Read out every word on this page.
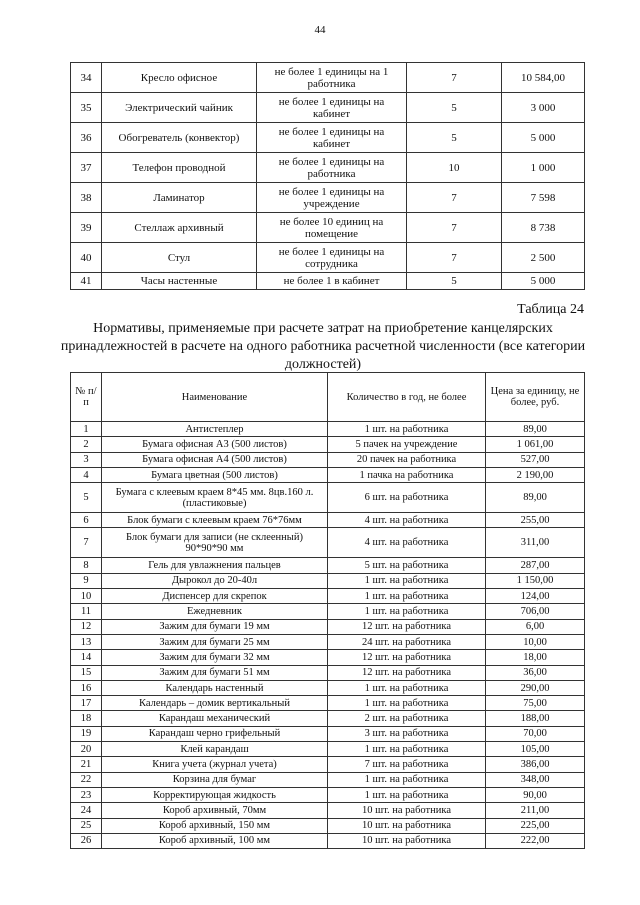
44
34	Кресло офисное	не более 1 единицы на 1 работника	7	10 584,00
35	Электрический чайник	не более 1 единицы на кабинет	5	3 000
36	Обогреватель (конвектор)	не более 1 единицы на кабинет	5	5 000
37	Телефон проводной	не более 1 единицы на работника	10	1 000
38	Ламинатор	не более 1 единицы на учреждение	7	7 598
39	Стеллаж архивный	не более 10 единиц на помещение	7	8 738
40	Стул	не более 1 единицы на сотрудника	7	2 500
41	Часы настенные	не более 1 в кабинет	5	5 000
Таблица 24
Нормативы, применяемые при расчете затрат на приобретение канцелярских принадлежностей в расчете на одного работника расчетной численности (все категории должностей)
№ п/п	Наименование	Количество в год, не более	Цена за единицу, не более, руб.
1	Антистеплер	1 шт. на работника	89,00
2	Бумага офисная А3 (500 листов)	5 пачек на учреждение	1 061,00
3	Бумага офисная А4 (500 листов)	20 пачек на работника	527,00
4	Бумага цветная (500 листов)	1 пачка на работника	2 190,00
5	Бумага с клеевым краем 8*45 мм. 8цв.160 л. (пластиковые)	6 шт. на работника	89,00
6	Блок бумаги с клеевым краем 76*76мм	4 шт. на работника	255,00
7	Блок бумаги для записи (не склеенный) 90*90*90 мм	4 шт. на работника	311,00
8	Гель для увлажнения пальцев	5 шт. на работника	287,00
9	Дырокол до 20-40л	1 шт. на работника	1 150,00
10	Диспенсер для скрепок	1 шт. на работника	124,00
11	Ежедневник	1 шт. на работника	706,00
12	Зажим для бумаги 19 мм	12 шт. на работника	6,00
13	Зажим для бумаги 25 мм	24 шт. на работника	10,00
14	Зажим для бумаги 32 мм	12 шт. на работника	18,00
15	Зажим для бумаги 51 мм	12 шт. на работника	36,00
16	Календарь настенный	1 шт. на работника	290,00
17	Календарь – домик вертикальный	1 шт. на работника	75,00
18	Карандаш механический	2 шт. на работника	188,00
19	Карандаш черно грифельный	3 шт. на работника	70,00
20	Клей карандаш	1 шт. на работника	105,00
21	Книга учета (журнал учета)	7 шт. на работника	386,00
22	Корзина для бумаг	1 шт. на работника	348,00
23	Корректирующая жидкость	1 шт. на работника	90,00
24	Короб архивный, 70мм	10 шт. на работника	211,00
25	Короб архивный, 150 мм	10 шт. на работника	225,00
26	Короб архивный, 100 мм	10 шт. на работника	222,00
